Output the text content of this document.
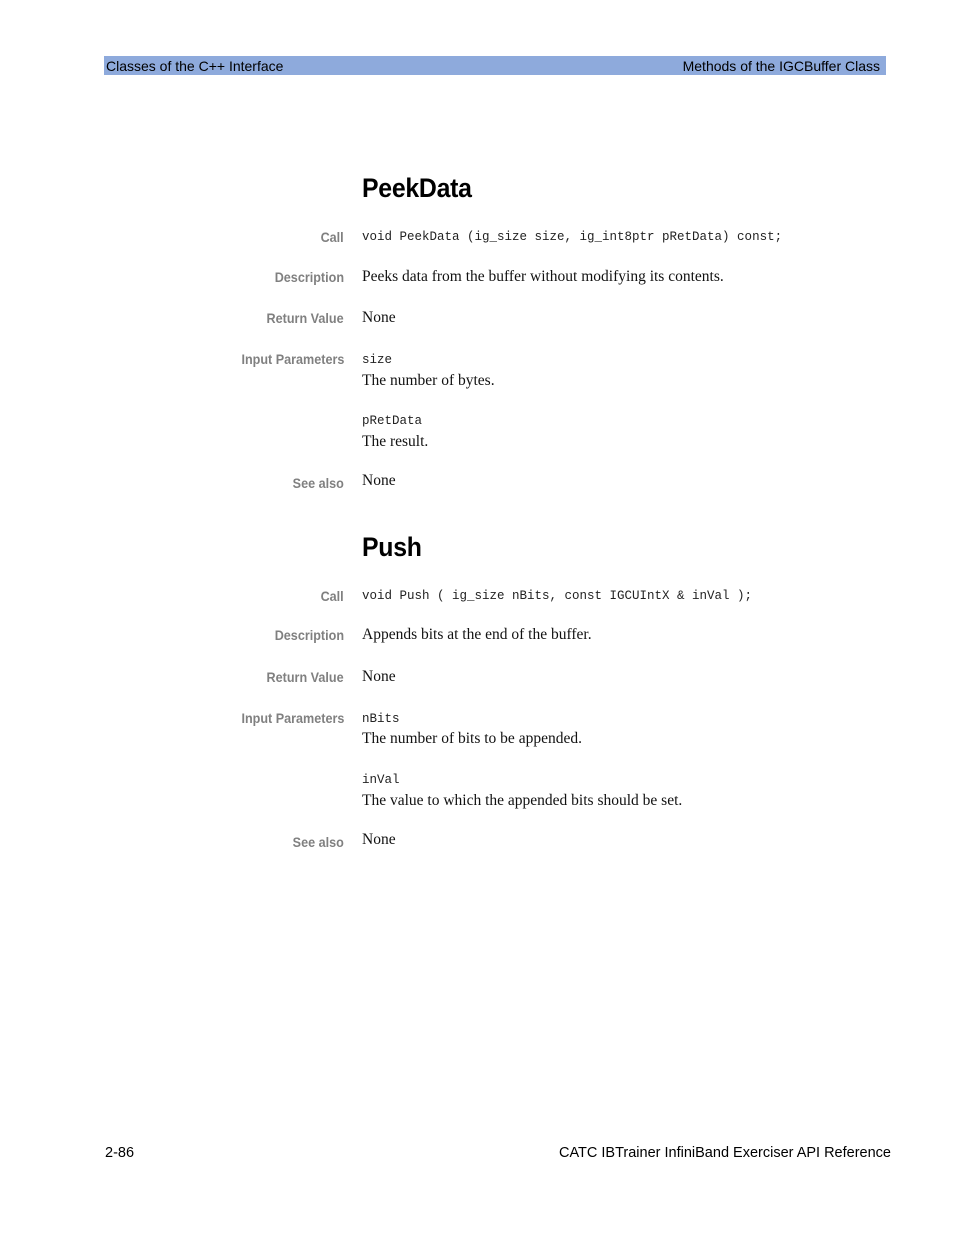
Classes of the C++ Interface	Methods of the IGCBuffer Class
PeekData
Call void PeekData (ig_size size, ig_int8ptr pRetData) const;
Description Peeks data from the buffer without modifying its contents.
Return Value None
Input Parameters size
The number of bytes.
pRetData
The result.
See also None
Push
Call void Push ( ig_size nBits, const IGCUIntX & inVal );
Description Appends bits at the end of the buffer.
Return Value None
Input Parameters nBits
The number of bits to be appended.
inVal
The value to which the appended bits should be set.
See also None
2-86	CATC IBTrainer InfiniBand Exerciser API Reference
